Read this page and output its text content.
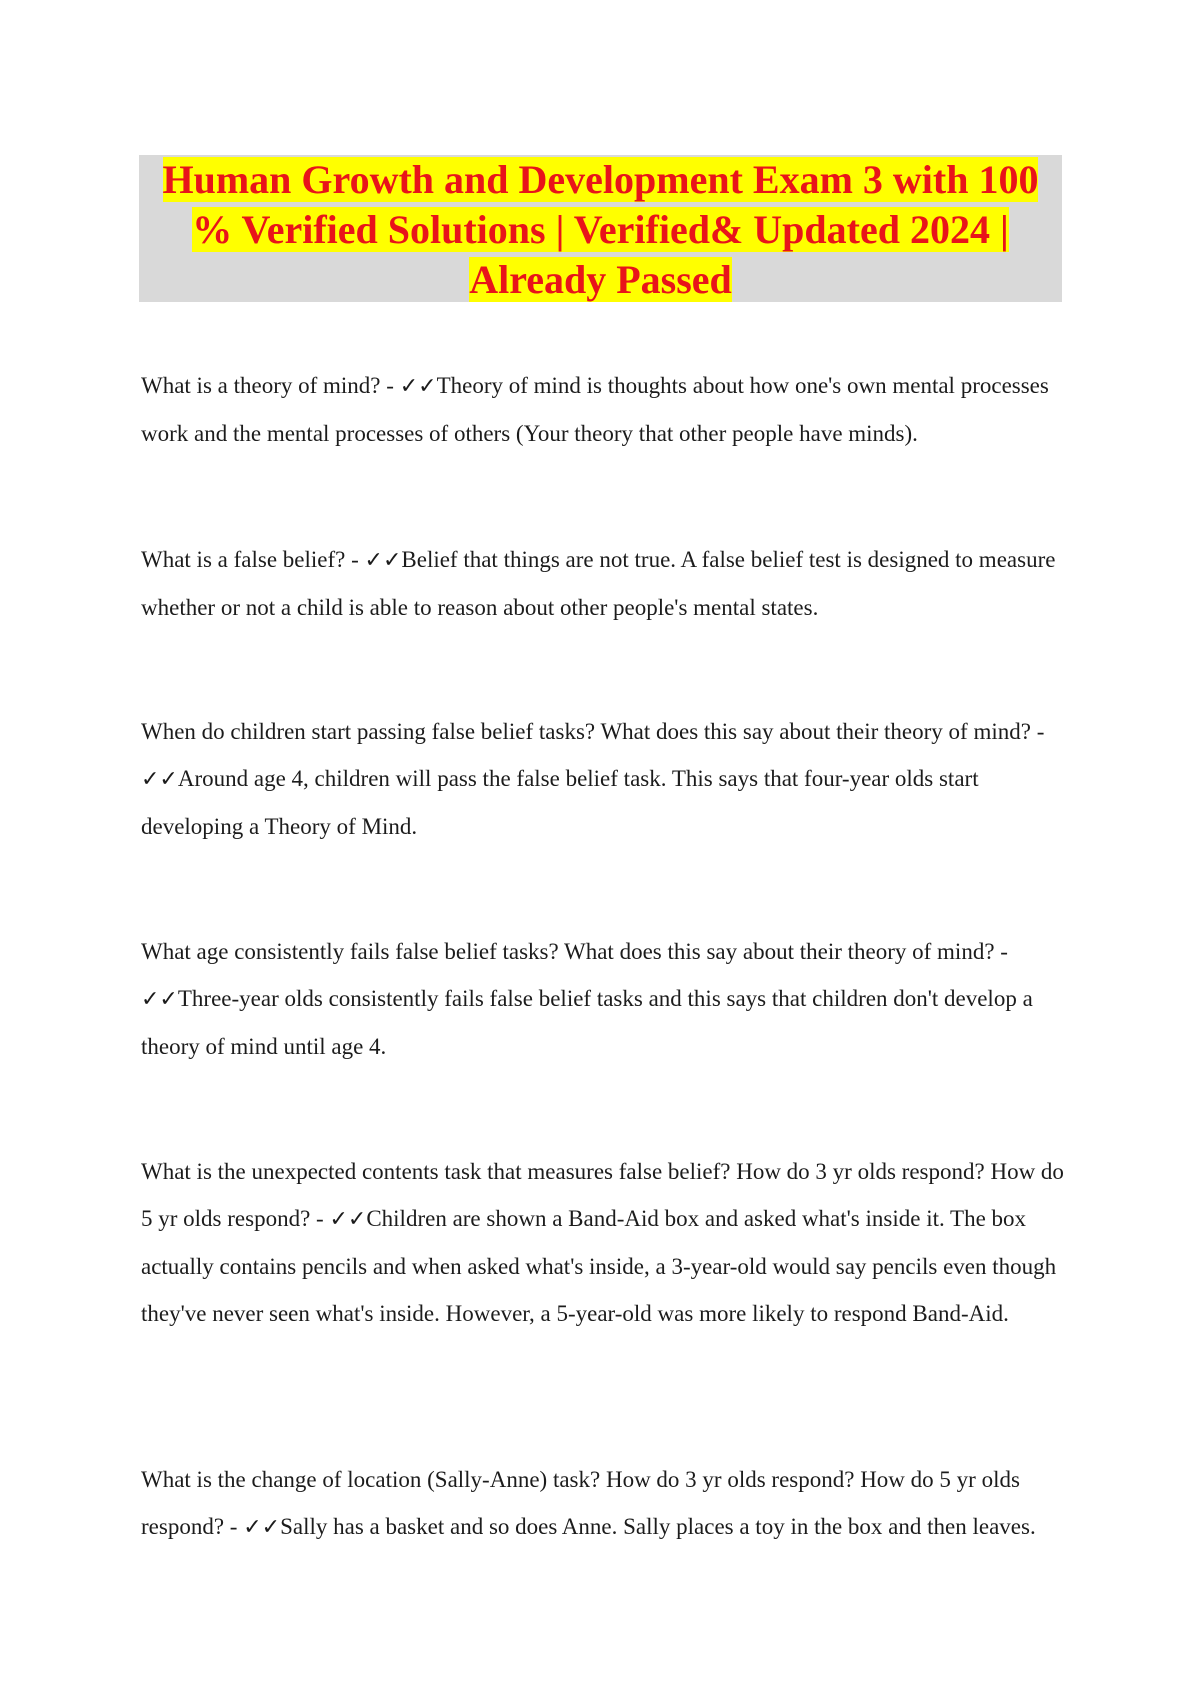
Human Growth and Development Exam 3 with 100 % Verified Solutions | Verified& Updated 2024 | Already Passed

What is a theory of mind? - ✓✓Theory of mind is thoughts about how one's own mental processes work and the mental processes of others (Your theory that other people have minds).

What is a false belief? - ✓✓Belief that things are not true. A false belief test is designed to measure whether or not a child is able to reason about other people's mental states.

When do children start passing false belief tasks? What does this say about their theory of mind? - ✓✓Around age 4, children will pass the false belief task. This says that four-year olds start developing a Theory of Mind.

What age consistently fails false belief tasks? What does this say about their theory of mind? - ✓✓Three-year olds consistently fails false belief tasks and this says that children don't develop a theory of mind until age 4.

What is the unexpected contents task that measures false belief? How do 3 yr olds respond? How do 5 yr olds respond? - ✓✓Children are shown a Band-Aid box and asked what's inside it. The box actually contains pencils and when asked what's inside, a 3-year-old would say pencils even though they've never seen what's inside. However, a 5-year-old was more likely to respond Band-Aid.

What is the change of location (Sally-Anne) task? How do 3 yr olds respond? How do 5 yr olds respond? - ✓✓Sally has a basket and so does Anne. Sally places a toy in the box and then leaves.
